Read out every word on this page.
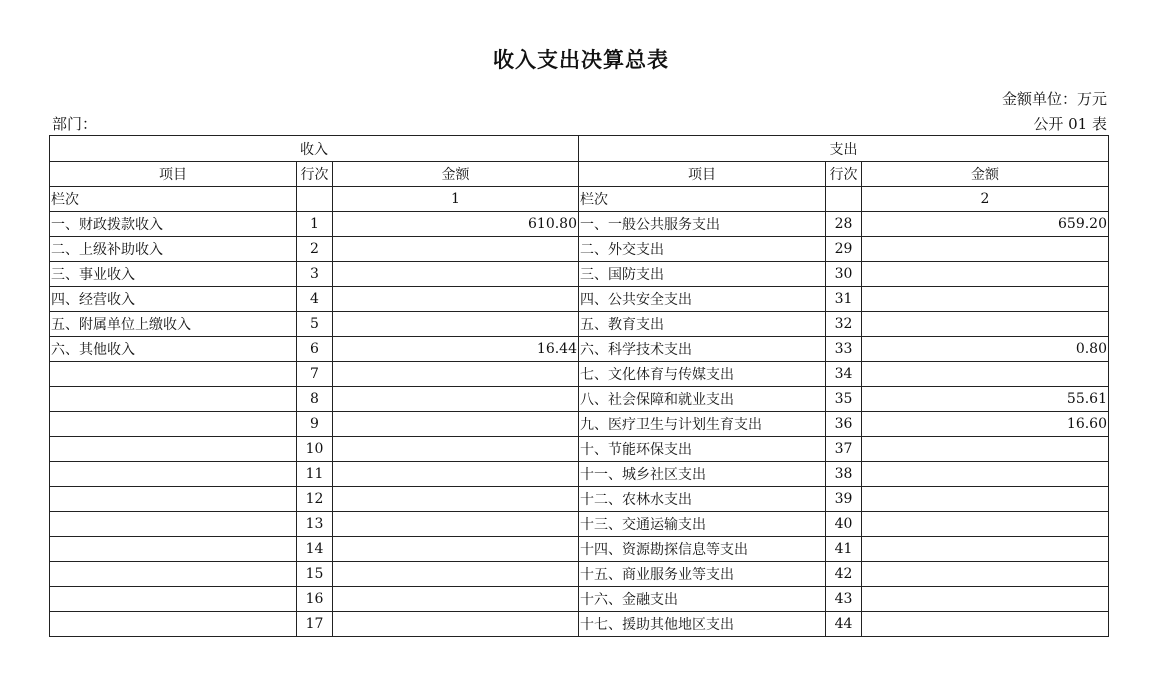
收入支出决算总表
金额单位：万元
部门：	公开 01 表
收入			支出		
项目	行次	金额	项目	行次	金额
栏次		1	栏次		2
一、财政拨款收入	1	610.80	一、一般公共服务支出	28	659.20
二、上级补助收入	2		二、外交支出	29	
三、事业收入	3		三、国防支出	30	
四、经营收入	4		四、公共安全支出	31	
五、附属单位上缴收入	5		五、教育支出	32	
六、其他收入	6	16.44	六、科学技术支出	33	0.80
	7		七、文化体育与传媒支出	34	
	8		八、社会保障和就业支出	35	55.61
	9		九、医疗卫生与计划生育支出	36	16.60
	10		十、节能环保支出	37	
	11		十一、城乡社区支出	38	
	12		十二、农林水支出	39	
	13		十三、交通运输支出	40	
	14		十四、资源勘探信息等支出	41	
	15		十五、商业服务业等支出	42	
	16		十六、金融支出	43	
	17		十七、援助其他地区支出	44	
